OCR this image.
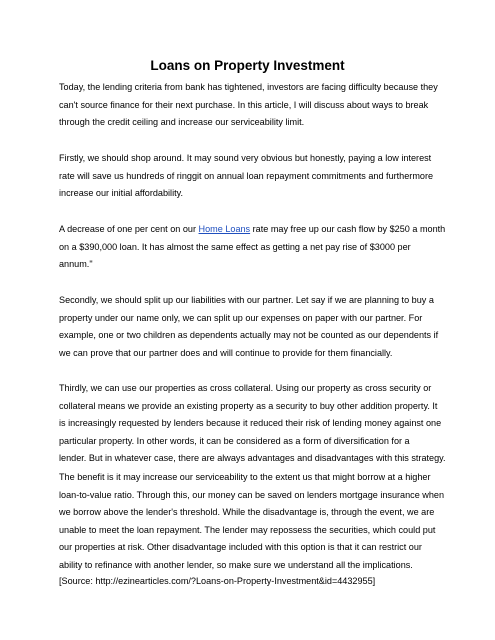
Loans on Property Investment

Today, the lending criteria from bank has tightened, investors are facing difficulty because they
can't source finance for their next purchase. In this article, I will discuss about ways to break
through the credit ceiling and increase our serviceability limit.

Firstly, we should shop around. It may sound very obvious but honestly, paying a low interest
rate will save us hundreds of ringgit on annual loan repayment commitments and furthermore
increase our initial affordability.

A decrease of one per cent on our Home Loans rate may free up our cash flow by $250 a month
on a $390,000 loan. It has almost the same effect as getting a net pay rise of $3000 per
annum."

Secondly, we should split up our liabilities with our partner. Let say if we are planning to buy a
property under our name only, we can split up our expenses on paper with our partner. For
example, one or two children as dependents actually may not be counted as our dependents if
we can prove that our partner does and will continue to provide for them financially.

Thirdly, we can use our properties as cross collateral. Using our property as cross security or
collateral means we provide an existing property as a security to buy other addition property. It
is increasingly requested by lenders because it reduced their risk of lending money against one
particular property. In other words, it can be considered as a form of diversification for a
lender. But in whatever case, there are always advantages and disadvantages with this strategy.

The benefit is it may increase our serviceability to the extent us that might borrow at a higher
loan-to-value ratio. Through this, our money can be saved on lenders mortgage insurance when
we borrow above the lender's threshold. While the disadvantage is, through the event, we are
unable to meet the loan repayment. The lender may repossess the securities, which could put
our properties at risk. Other disadvantage included with this option is that it can restrict our
ability to refinance with another lender, so make sure we understand all the implications.

[Source: http://ezinearticles.com/?Loans-on-Property-Investment&id=4432955]
